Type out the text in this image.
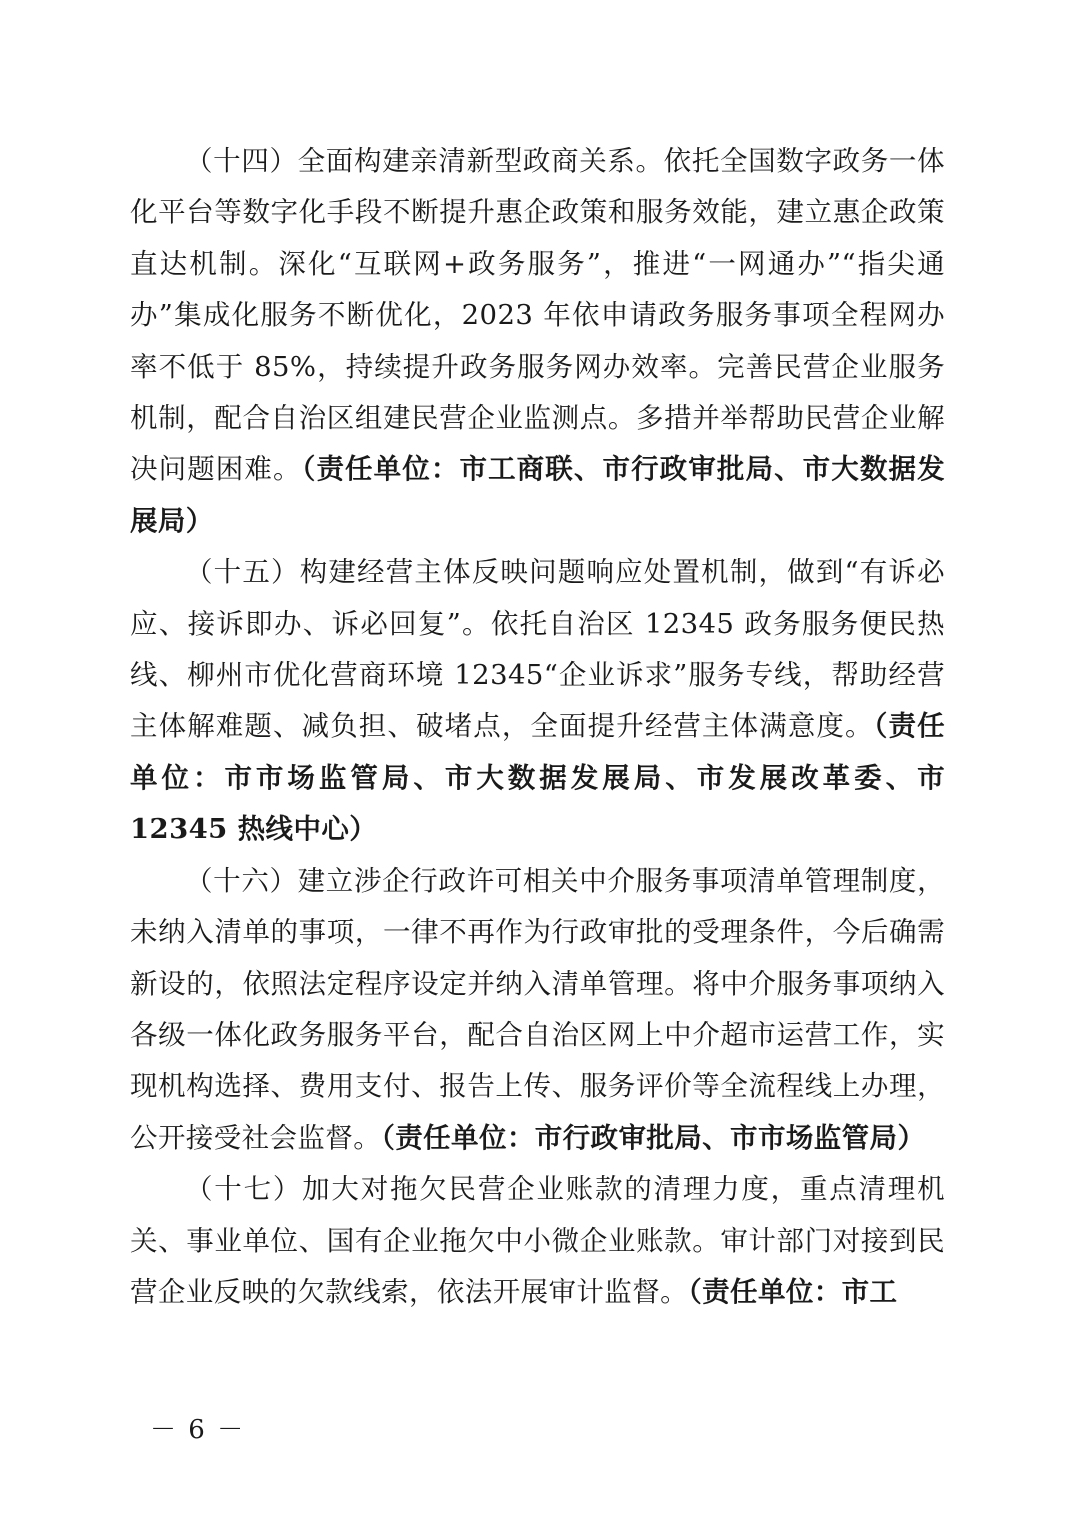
（十四）全面构建亲清新型政商关系。依托全国数字政务一体化平台等数字化手段不断提升惠企政策和服务效能，建立惠企政策直达机制。深化“互联网+政务服务”，推进“一网通办”“指尖通办”集成化服务不断优化，2023 年依申请政务服务事项全程网办率不低于 85%，持续提升政务服务网办效率。完善民营企业服务机制，配合自治区组建民营企业监测点。多措并举帮助民营企业解决问题困难。（责任单位：市工商联、市行政审批局、市大数据发展局）

（十五）构建经营主体反映问题响应处置机制，做到“有诉必应、接诉即办、诉必回复”。依托自治区 12345 政务服务便民热线、柳州市优化营商环境 12345“企业诉求”服务专线，帮助经营主体解难题、减负担、破堵点，全面提升经营主体满意度。（责任单位：市市场监管局、市大数据发展局、市发展改革委、市 12345 热线中心）

（十六）建立涉企行政许可相关中介服务事项清单管理制度，未纳入清单的事项，一律不再作为行政审批的受理条件，今后确需新设的，依照法定程序设定并纳入清单管理。将中介服务事项纳入各级一体化政务服务平台，配合自治区网上中介超市运营工作，实现机构选择、费用支付、报告上传、服务评价等全流程线上办理，公开接受社会监督。（责任单位：市行政审批局、市市场监管局）

（十七）加大对拖欠民营企业账款的清理力度，重点清理机关、事业单位、国有企业拖欠中小微企业账款。审计部门对接到民营企业反映的欠款线索，依法开展审计监督。（责任单位：市工

－ 6 －
